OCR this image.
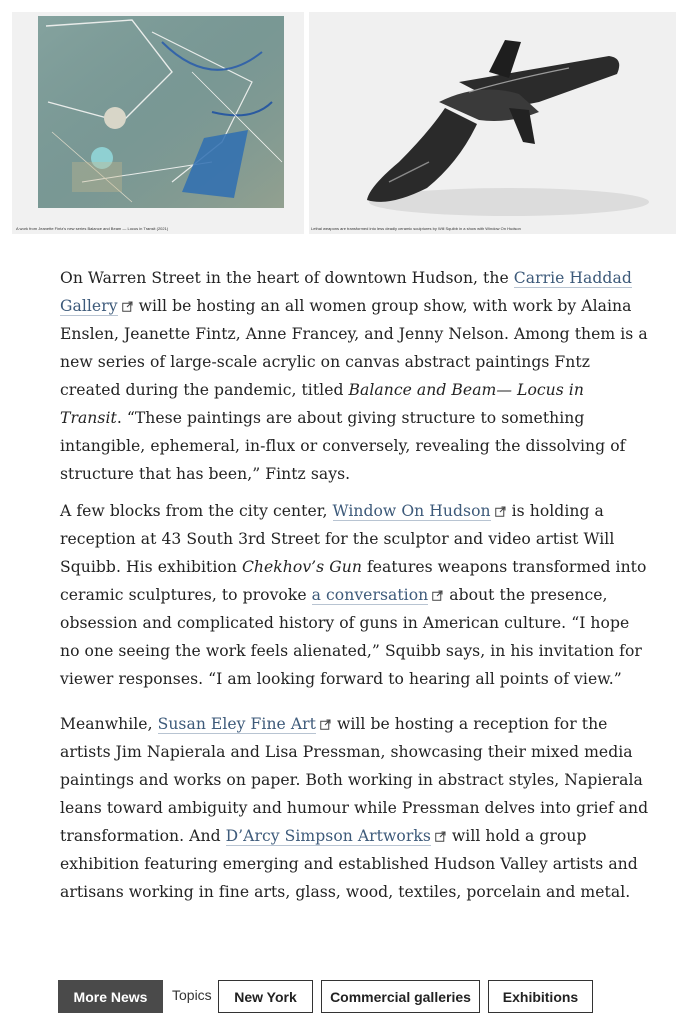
A work from Jeanette Fintz's new series Balance and Beam — Locus in Transit (2021)	Lethal weapons are transformed into less deadly ceramic sculptures by Will Squibb in a show with Window On Hudson

On Warren Street in the heart of downtown Hudson, the Carrie Haddad Gallery
will be hosting an all women group show, with work by Alaina Enslen, Jeanette Fintz, Anne Francey, and Jenny Nelson. Among them is a new series of large-scale acrylic on canvas abstract paintings Fntz created during the pandemic, titled Balance and Beam— Locus in Transit. “These paintings are about giving structure to something intangible, ephemeral, in-flux or conversely, revealing the dissolving of structure that has been,” Fintz says.

A few blocks from the city center, Window On Hudson
is holding a reception at 43 South 3rd Street for the sculptor and video artist Will Squibb. His exhibition Chekhov’s Gun features weapons transformed into ceramic sculptures, to provoke a conversation
about the presence, obsession and complicated history of guns in American culture. “I hope no one seeing the work feels alienated,” Squibb says, in his invitation for viewer responses. “I am looking forward to hearing all points of view.”

Meanwhile, Susan Eley Fine Art
will be hosting a reception for the artists Jim Napierala and Lisa Pressman, showcasing their mixed media paintings and works on paper. Both working in abstract styles, Napierala leans toward ambiguity and humour while Pressman delves into grief and transformation. And D’Arcy Simpson Artworks
will hold a group exhibition featuring emerging and established Hudson Valley artists and artisans working in fine arts, glass, wood, textiles, porcelain and metal.

More News	Topics	New York	Commercial galleries	Exhibitions
